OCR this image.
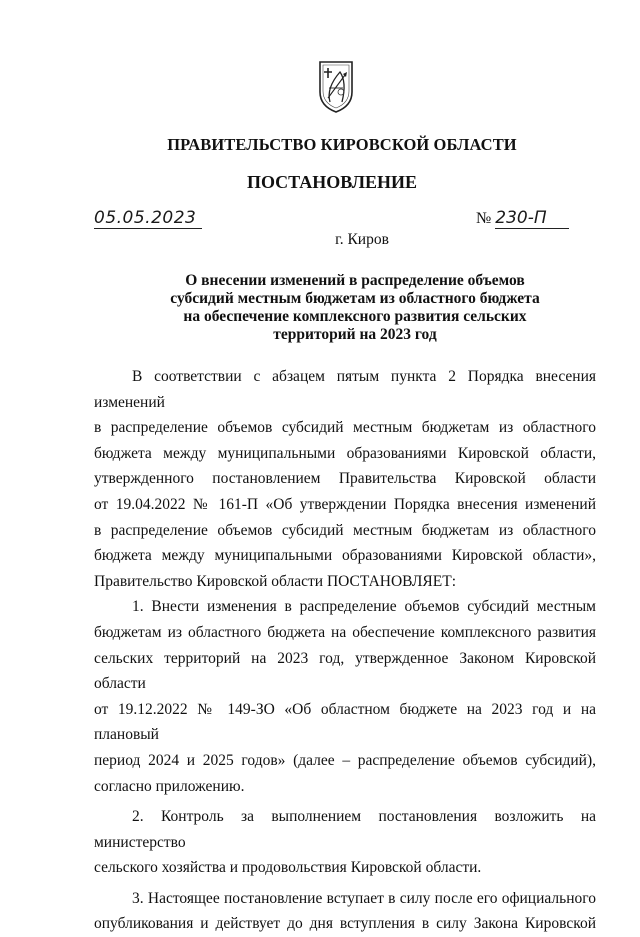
ПРАВИТЕЛЬСТВО КИРОВСКОЙ ОБЛАСТИ
ПОСТАНОВЛЕНИЕ
05.05.2023	№ 230-П
г. Киров
О внесении изменений в распределение объемов
субсидий местным бюджетам из областного бюджета
на обеспечение комплексного развития сельских
территорий на 2023 год

В соответствии с абзацем пятым пункта 2 Порядка внесения изменений

в распределение объемов субсидий местным бюджетам из областного

бюджета между муниципальными образованиями Кировской области,

утвержденного постановлением Правительства Кировской области

от 19.04.2022 № 161-П «Об утверждении Порядка внесения изменений

в распределение объемов субсидий местным бюджетам из областного

бюджета между муниципальными образованиями Кировской области»,

Правительство Кировской области ПОСТАНОВЛЯЕТ:

1. Внести изменения в распределение объемов субсидий местным

бюджетам из областного бюджета на обеспечение комплексного развития

сельских территорий на 2023 год, утвержденное Законом Кировской области

от 19.12.2022 № 149-ЗО «Об областном бюджете на 2023 год и на плановый

период 2024 и 2025 годов» (далее – распределение объемов субсидий),

согласно приложению.

2. Контроль за выполнением постановления возложить на министерство

сельского хозяйства и продовольствия Кировской области.

3. Настоящее постановление вступает в силу после его официального

опубликования и действует до дня вступления в силу Закона Кировской
